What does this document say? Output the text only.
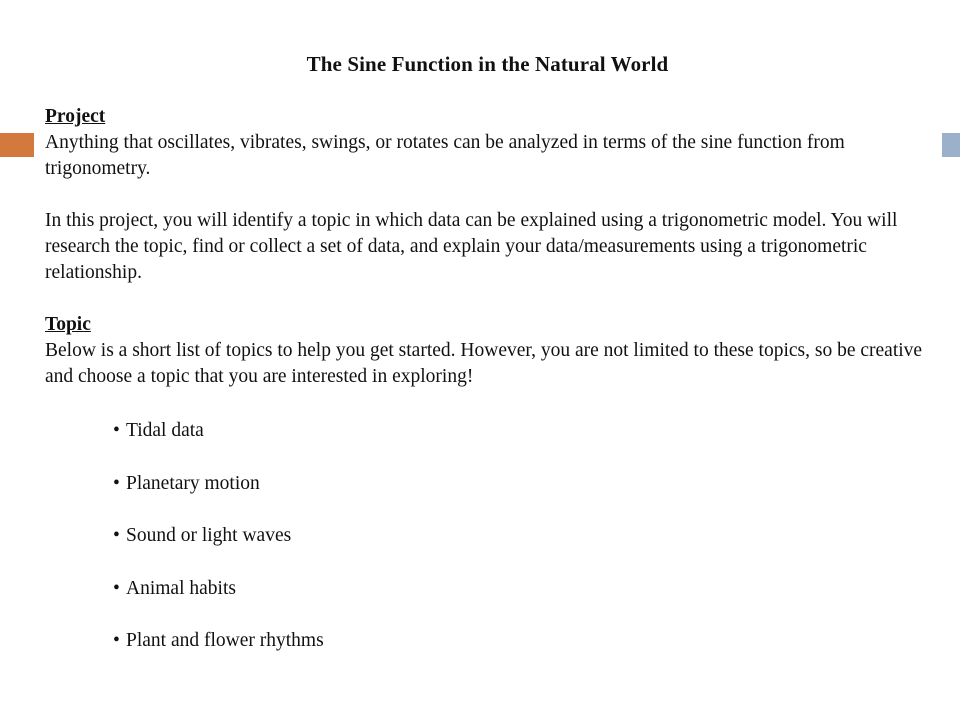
The Sine Function in the Natural World

Project

Anything that oscillates, vibrates, swings, or rotates can be analyzed in terms of the sine function from trigonometry.

In this project, you will identify a topic in which data can be explained using a trigonometric model. You will research the topic, find or collect a set of data, and explain your data/measurements using a trigonometric relationship.

Topic

Below is a short list of topics to help you get started. However, you are not limited to these topics, so be creative and choose a topic that you are interested in exploring!

• Tidal data
• Planetary motion
• Sound or light waves
• Animal habits
• Plant and flower rhythms
